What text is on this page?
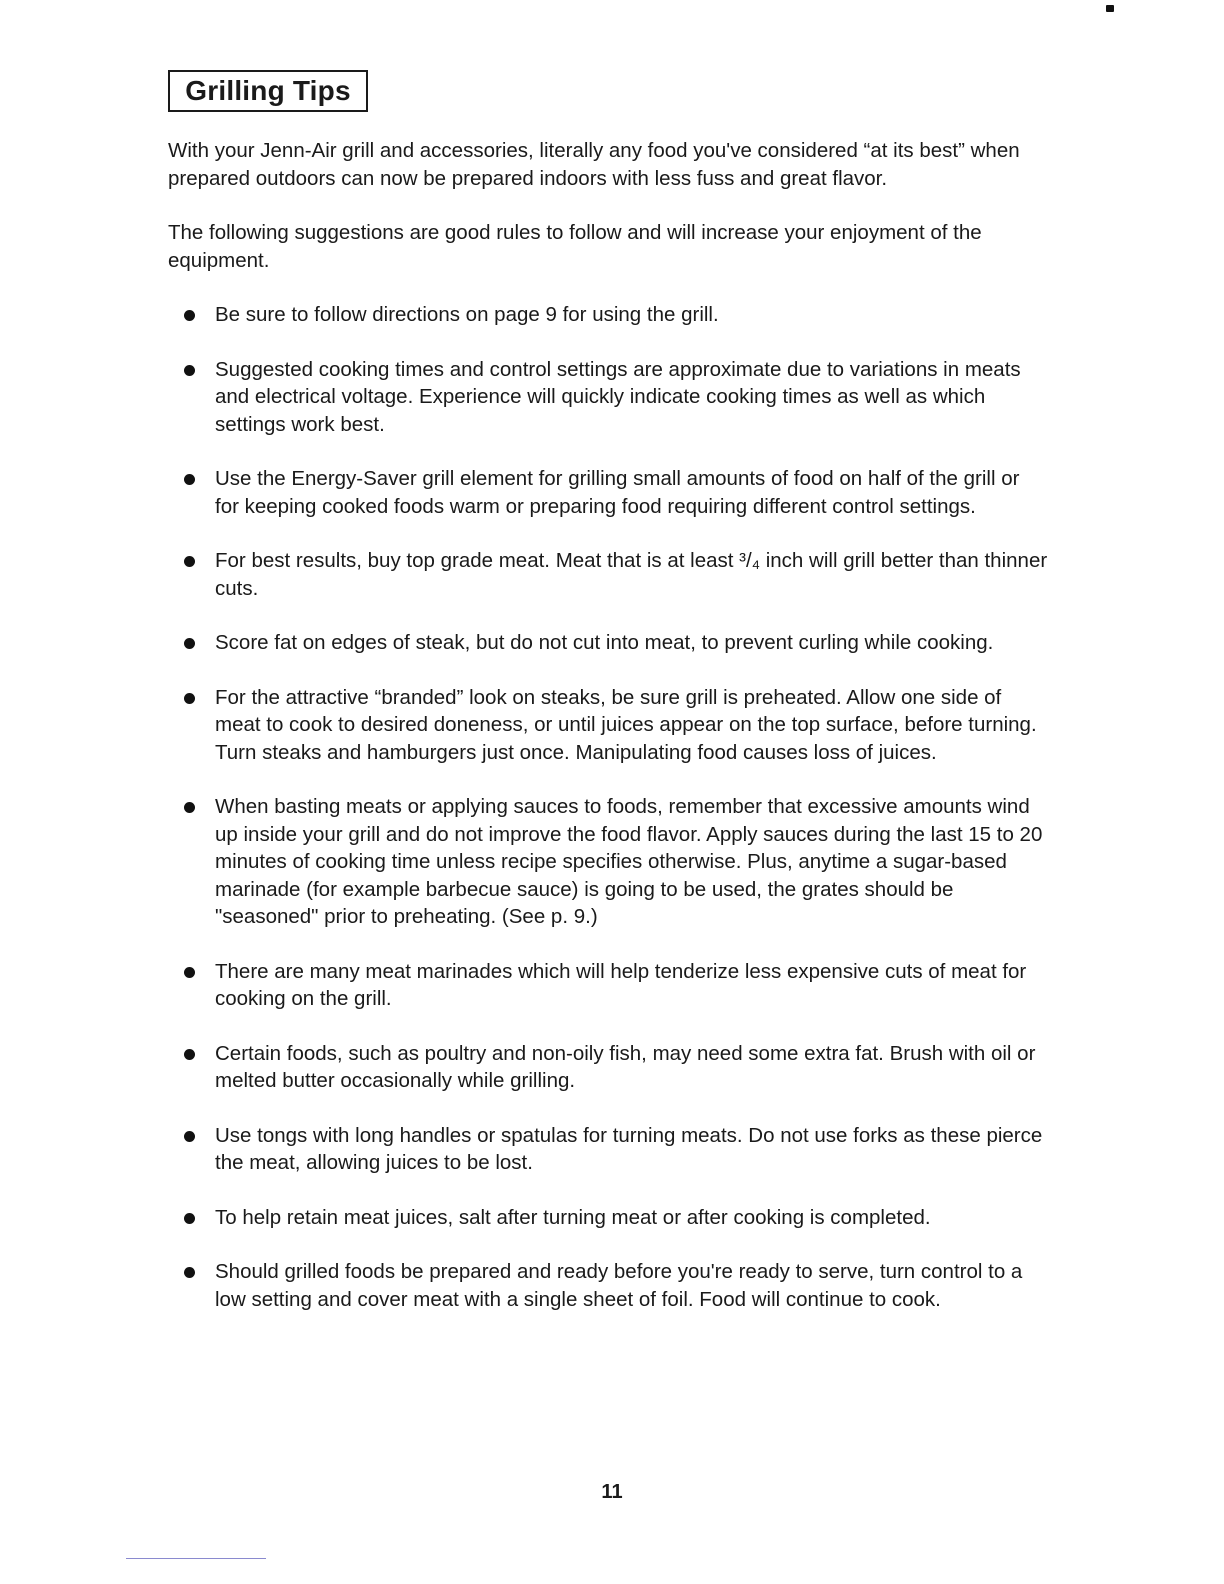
Grilling Tips

With your Jenn-Air grill and accessories, literally any food you've considered “at its best” when prepared outdoors can now be prepared indoors with less fuss and great flavor.

The following suggestions are good rules to follow and will increase your enjoyment of the equipment.

Be sure to follow directions on page 9 for using the grill.
Suggested cooking times and control settings are approximate due to variations in meats and electrical voltage. Experience will quickly indicate cooking times as well as which settings work best.
Use the Energy-Saver grill element for grilling small amounts of food on half of the grill or for keeping cooked foods warm or preparing food requiring different control settings.
For best results, buy top grade meat. Meat that is at least ³/₄ inch will grill better than thinner cuts.
Score fat on edges of steak, but do not cut into meat, to prevent curling while cooking.
For the attractive “branded” look on steaks, be sure grill is preheated. Allow one side of meat to cook to desired doneness, or until juices appear on the top surface, before turning. Turn steaks and hamburgers just once. Manipulating food causes loss of juices.
When basting meats or applying sauces to foods, remember that excessive amounts wind up inside your grill and do not improve the food flavor. Apply sauces during the last 15 to 20 minutes of cooking time unless recipe specifies otherwise. Plus, anytime a sugar-based marinade (for example barbecue sauce) is going to be used, the grates should be "seasoned" prior to preheating. (See p. 9.)
There are many meat marinades which will help tenderize less expensive cuts of meat for cooking on the grill.
Certain foods, such as poultry and non-oily fish, may need some extra fat. Brush with oil or melted butter occasionally while grilling.
Use tongs with long handles or spatulas for turning meats. Do not use forks as these pierce the meat, allowing juices to be lost.
To help retain meat juices, salt after turning meat or after cooking is completed.
Should grilled foods be prepared and ready before you're ready to serve, turn control to a low setting and cover meat with a single sheet of foil. Food will continue to cook.
11
